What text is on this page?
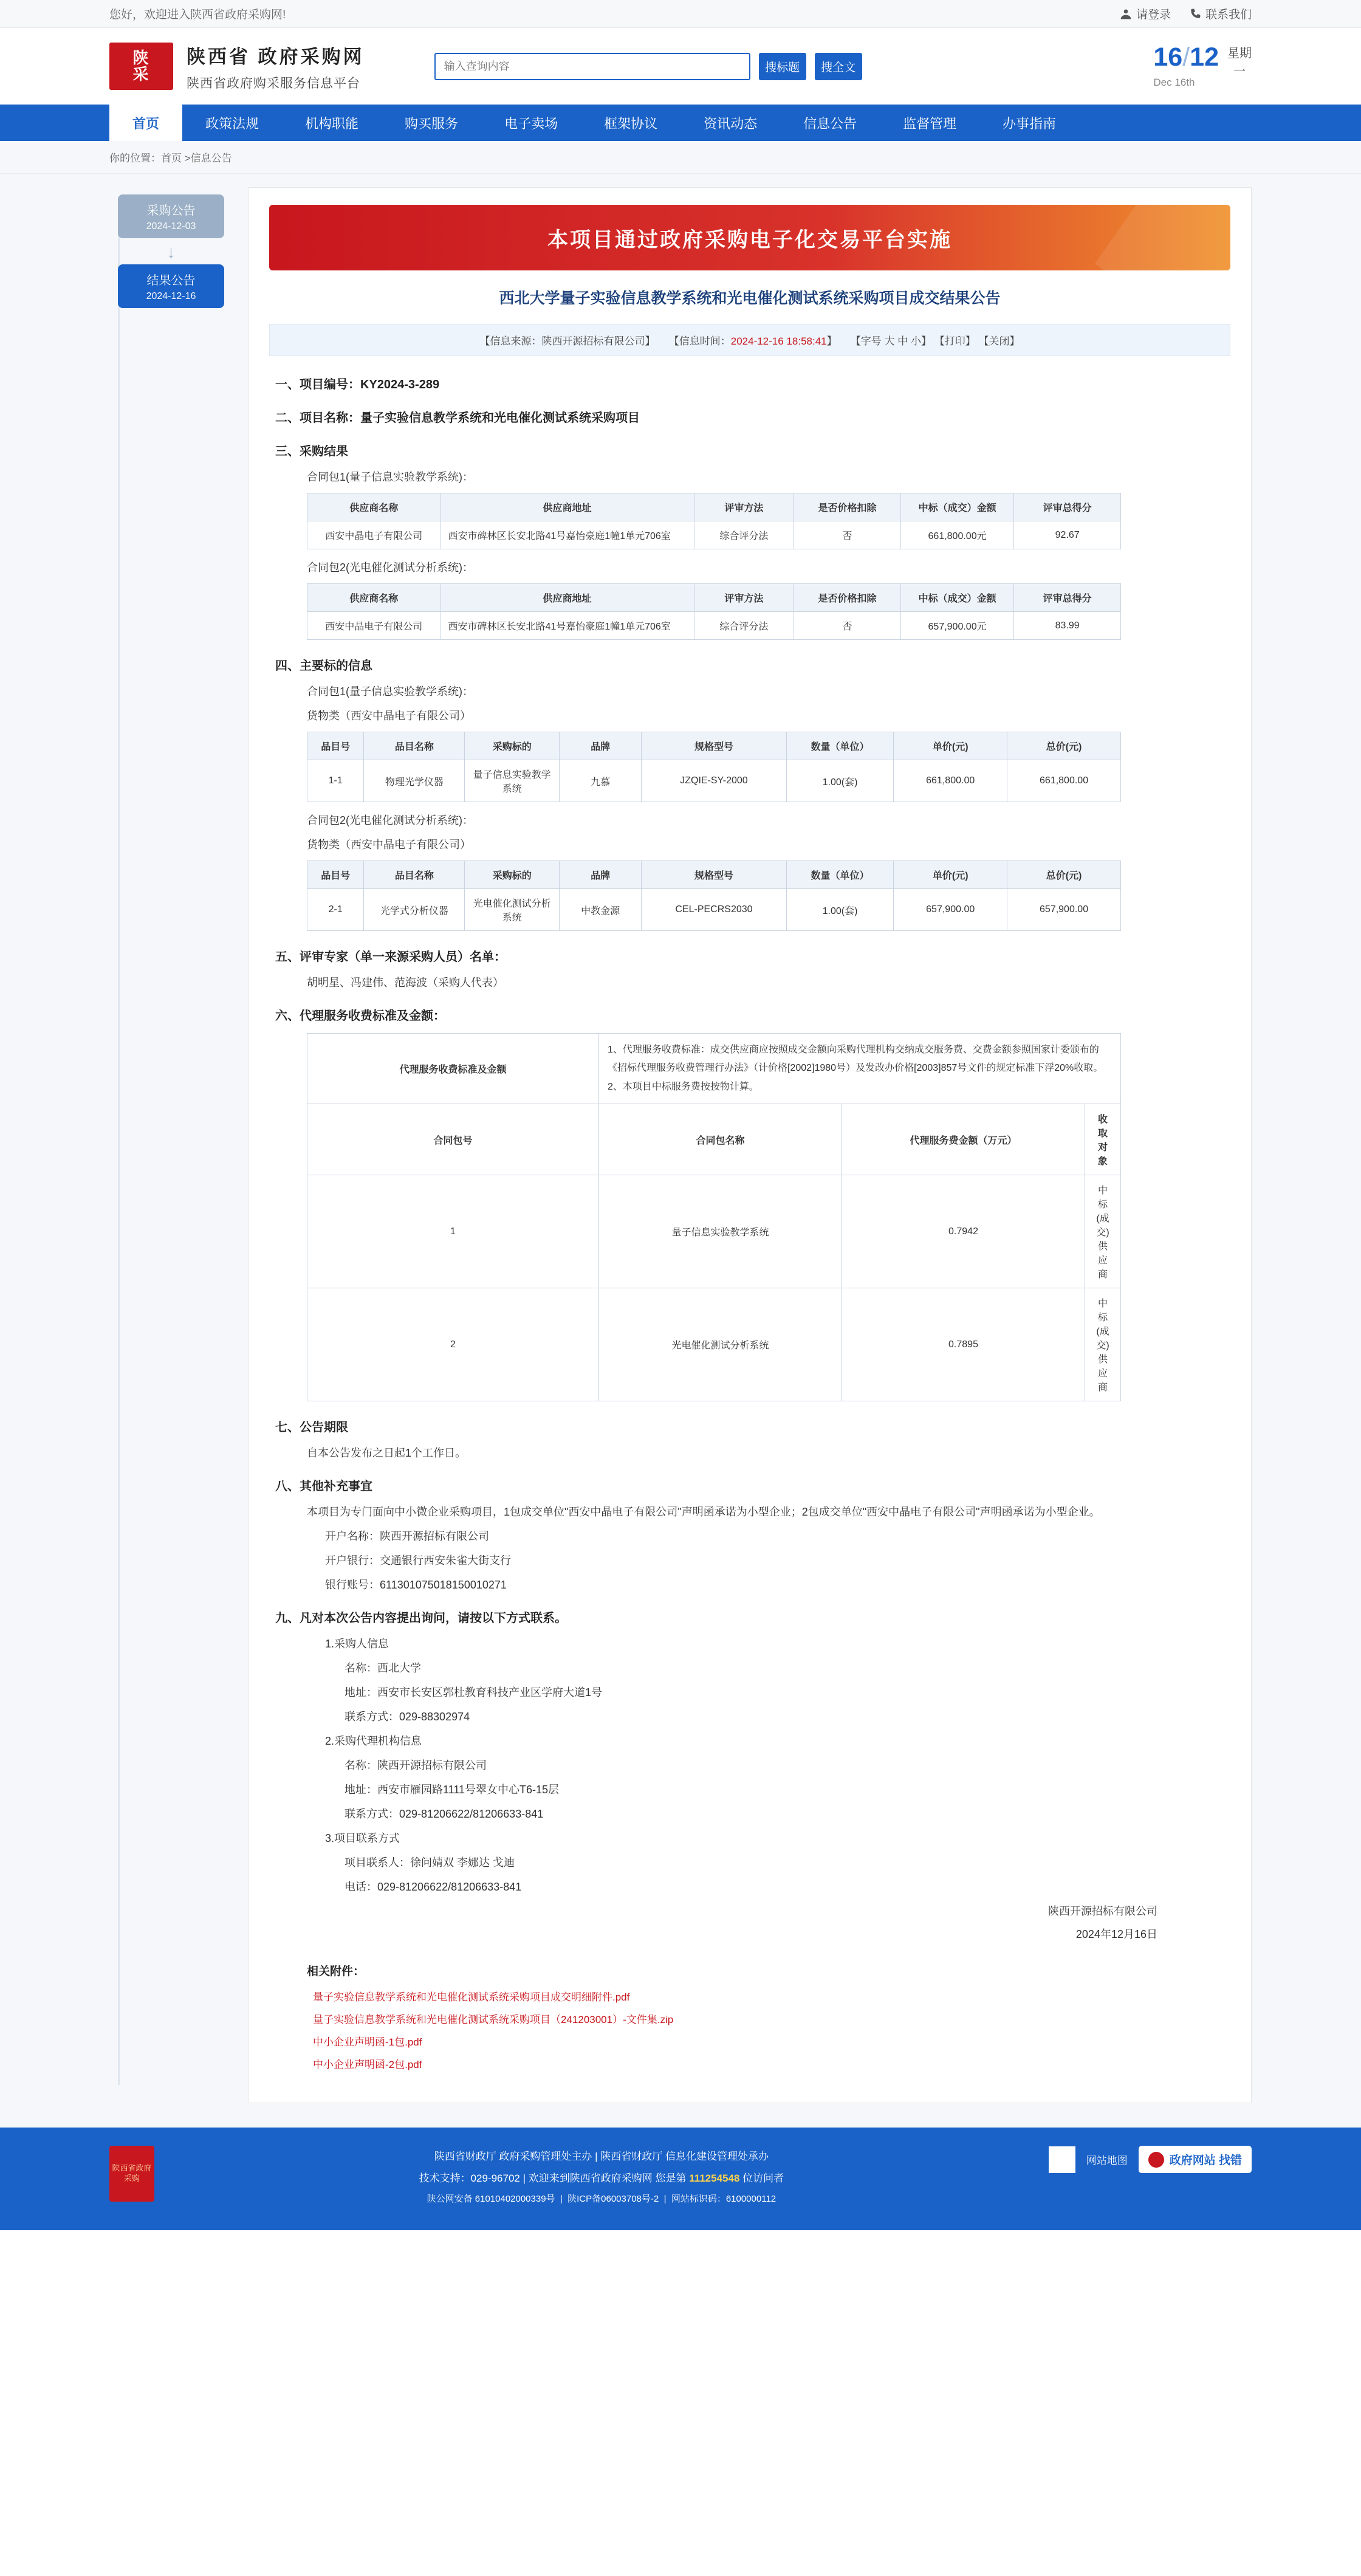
您好，欢迎进入陕西省政府采购网!	请登录	联系我们
陕
采
陕西省 政府采购网
陕西省政府购采服务信息平台
输入查询内容
搜标题	搜全文	16/12
Dec 16th
星期
一
首页	政策法规	机构职能	购买服务	电子卖场	框架协议	资讯动态	信息公告	监督管理	办事指南
你的位置：首页 >信息公告
采购公告
2024-12-03
↓
结果公告
2024-12-16
本项目通过政府采购电子化交易平台实施
西北大学量子实验信息教学系统和光电催化测试系统采购项目成交结果公告
【信息来源：陕西开源招标有限公司】 【信息时间：2024-12-16 18:58:41】 【字号 大 中 小】 【打印】 【关闭】
一、项目编号：KY2024-3-289
二、项目名称：量子实验信息教学系统和光电催化测试系统采购项目
三、采购结果
合同包1(量子信息实验教学系统)：
供应商名称	供应商地址	评审方法	是否价格扣除	中标（成交）金额	评审总得分
西安中晶电子有限公司	西安市碑林区长安北路41号嘉怡豪庭1幢1单元706室	综合评分法	否	661,800.00元	92.67
合同包2(光电催化测试分析系统)：
供应商名称	供应商地址	评审方法	是否价格扣除	中标（成交）金额	评审总得分
西安中晶电子有限公司	西安市碑林区长安北路41号嘉怡豪庭1幢1单元706室	综合评分法	否	657,900.00元	83.99
四、主要标的信息
合同包1(量子信息实验教学系统)：
货物类（西安中晶电子有限公司）
品目号	品目名称	采购标的	品牌	规格型号	数量（单位）	单价(元)	总价(元)
1-1	物理光学仪器	量子信息实验教学系统	九慕	JZQIE-SY-2000	1.00(套)	661,800.00	661,800.00
合同包2(光电催化测试分析系统)：
货物类（西安中晶电子有限公司）
品目号	品目名称	采购标的	品牌	规格型号	数量（单位）	单价(元)	总价(元)
2-1	光学式分析仪器	光电催化测试分析系统	中教金源	CEL-PECRS2030	1.00(套)	657,900.00	657,900.00
五、评审专家（单一来源采购人员）名单：
胡明星、冯建伟、范海波（采购人代表）
六、代理服务收费标准及金额：
代理服务收费标准及金额	1、代理服务收费标准：成交供应商应按照成交金额向采购代理机构交纳成交服务费、交费金额参照国家计委颁布的《招标代理服务收费管理行办法》（计价格[2002]1980号）及发改办价格[2003]857号文件的规定标准下浮20%收取。
2、本项目中标服务费按按物计算。		

合同包号	合同包名称	代理服务费金额（万元）	收取对象
1	量子信息实验教学系统	0.7942	中标(成交)供应商
2	光电催化测试分析系统	0.7895	中标(成交)供应商
七、公告期限
自本公告发布之日起1个工作日。
八、其他补充事宜
本项目为专门面向中小微企业采购项目，1包成交单位"西安中晶电子有限公司"声明函承诺为小型企业；2包成交单位"西安中晶电子有限公司"声明函承诺为小型企业。
开户名称：陕西开源招标有限公司
开户银行：交通银行西安朱雀大街支行
银行账号：611301075018150010271
九、凡对本次公告内容提出询问，请按以下方式联系。
1.采购人信息
名称：西北大学
地址：西安市长安区郭杜教育科技产业区学府大道1号
联系方式：029-88302974
2.采购代理机构信息
名称：陕西开源招标有限公司
地址：西安市雁园路1111号翠女中心T6-15层
联系方式：029-81206622/81206633-841
3.项目联系方式
项目联系人：徐问婧双 李娜达 戈迪
电话：029-81206622/81206633-841
陕西开源招标有限公司
2024年12月16日
相关附件：
量子实验信息教学系统和光电催化测试系统采购项目成交明细附件.pdf
量子实验信息教学系统和光电催化测试系统采购项目（241203001）-文件集.zip
中小企业声明函-1包.pdf
中小企业声明函-2包.pdf
陕西省政府采购
陕西省财政厅 政府采购管理处主办 | 陕西省财政厅 信息化建设管理处承办
技术支持：029-96702 | 欢迎来到陕西省政府采购网 您是第 111254548 位访问者
陕公网安备 61010402000339号  |  陕ICP备06003708号-2  |  网站标识码：6100000112
网站地图	政府网站 找错
